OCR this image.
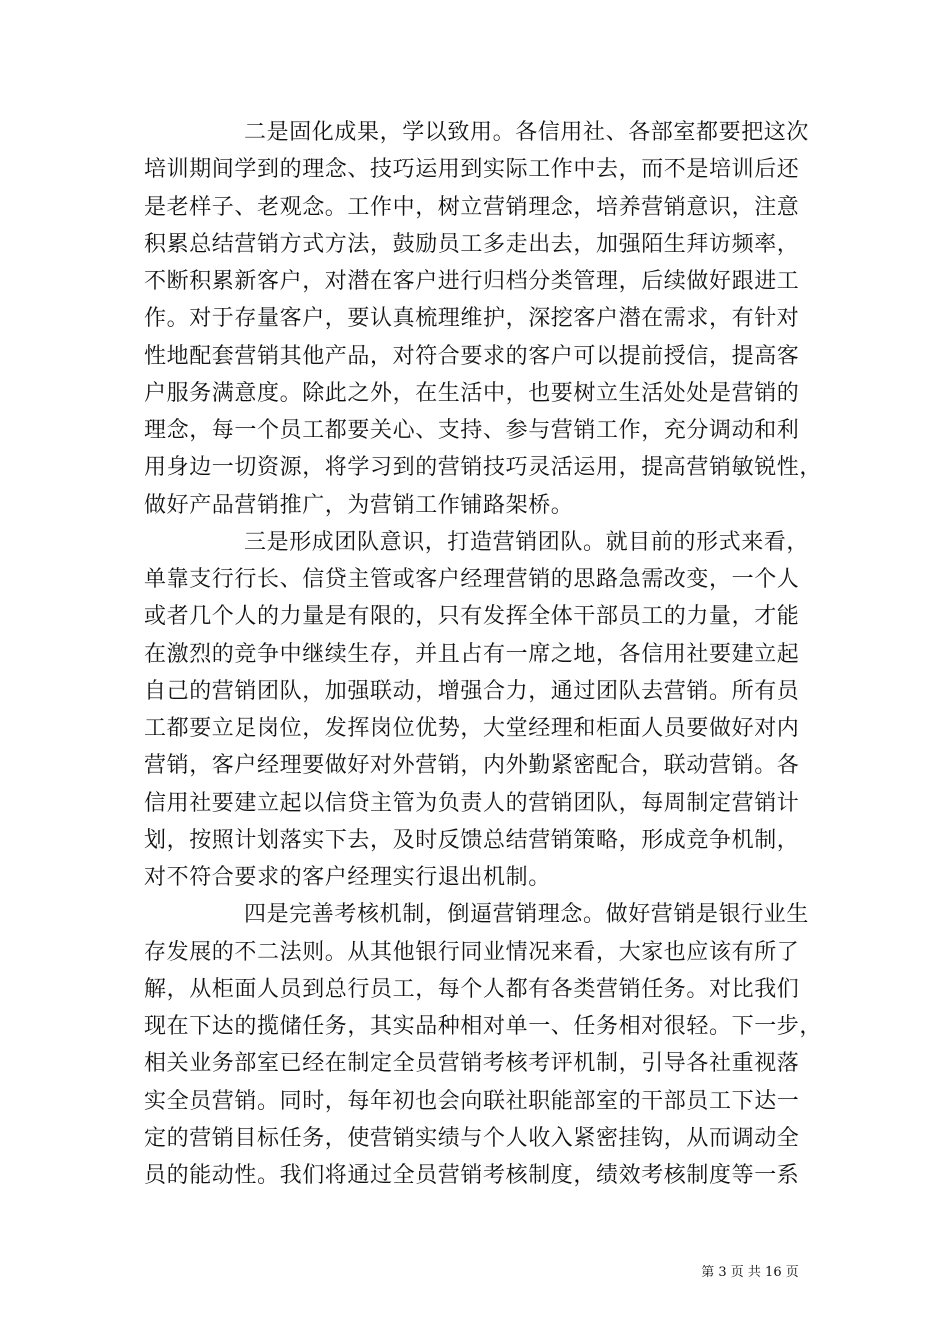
二是固化成果，学以致用。各信用社、各部室都要把这次
培训期间学到的理念、技巧运用到实际工作中去，而不是培训后还
是老样子、老观念。工作中，树立营销理念，培养营销意识，注意
积累总结营销方式方法，鼓励员工多走出去，加强陌生拜访频率，
不断积累新客户，对潜在客户进行归档分类管理，后续做好跟进工
作。对于存量客户，要认真梳理维护，深挖客户潜在需求，有针对
性地配套营销其他产品，对符合要求的客户可以提前授信，提高客
户服务满意度。除此之外，在生活中，也要树立生活处处是营销的
理念，每一个员工都要关心、支持、参与营销工作，充分调动和利
用身边一切资源，将学习到的营销技巧灵活运用，提高营销敏锐性，
做好产品营销推广，为营销工作铺路架桥。
三是形成团队意识，打造营销团队。就目前的形式来看，
单靠支行行长、信贷主管或客户经理营销的思路急需改变，一个人
或者几个人的力量是有限的，只有发挥全体干部员工的力量，才能
在激烈的竞争中继续生存，并且占有一席之地，各信用社要建立起
自己的营销团队，加强联动，增强合力，通过团队去营销。所有员
工都要立足岗位，发挥岗位优势，大堂经理和柜面人员要做好对内
营销，客户经理要做好对外营销，内外勤紧密配合，联动营销。各
信用社要建立起以信贷主管为负责人的营销团队，每周制定营销计
划，按照计划落实下去，及时反馈总结营销策略，形成竞争机制，
对不符合要求的客户经理实行退出机制。
四是完善考核机制，倒逼营销理念。做好营销是银行业生
存发展的不二法则。从其他银行同业情况来看，大家也应该有所了
解，从柜面人员到总行员工，每个人都有各类营销任务。对比我们
现在下达的揽储任务，其实品种相对单一、任务相对很轻。下一步，
相关业务部室已经在制定全员营销考核考评机制，引导各社重视落
实全员营销。同时，每年初也会向联社职能部室的干部员工下达一
定的营销目标任务，使营销实绩与个人收入紧密挂钩，从而调动全
员的能动性。我们将通过全员营销考核制度，绩效考核制度等一系
第 3 页 共 16 页
